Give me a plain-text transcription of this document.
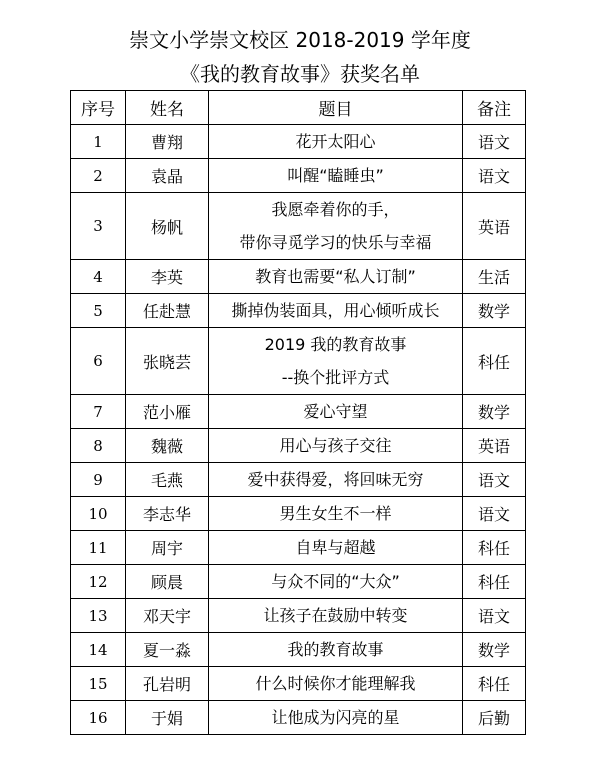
崇文小学崇文校区 2018-2019 学年度
《我的教育故事》获奖名单
序号	姓名	题目	备注
1	曹翔	花开太阳心	语文
2	袁晶	叫醒“瞌睡虫”	语文
3	杨帆	我愿牵着你的手，
带你寻觅学习的快乐与幸福	英语
4	李英	教育也需要“私人订制”	生活
5	任赴慧	撕掉伪装面具，用心倾听成长	数学
6	张晓芸	2019 我的教育故事
--换个批评方式	科任
7	范小雁	爱心守望	数学
8	魏薇	用心与孩子交往	英语
9	毛燕	爱中获得爱，将回味无穷	语文
10	李志华	男生女生不一样	语文
11	周宇	自卑与超越	科任
12	顾晨	与众不同的“大众”	科任
13	邓天宇	让孩子在鼓励中转变	语文
14	夏一淼	我的教育故事	数学
15	孔岩明	什么时候你才能理解我	科任
16	于娟	让他成为闪亮的星	后勤
